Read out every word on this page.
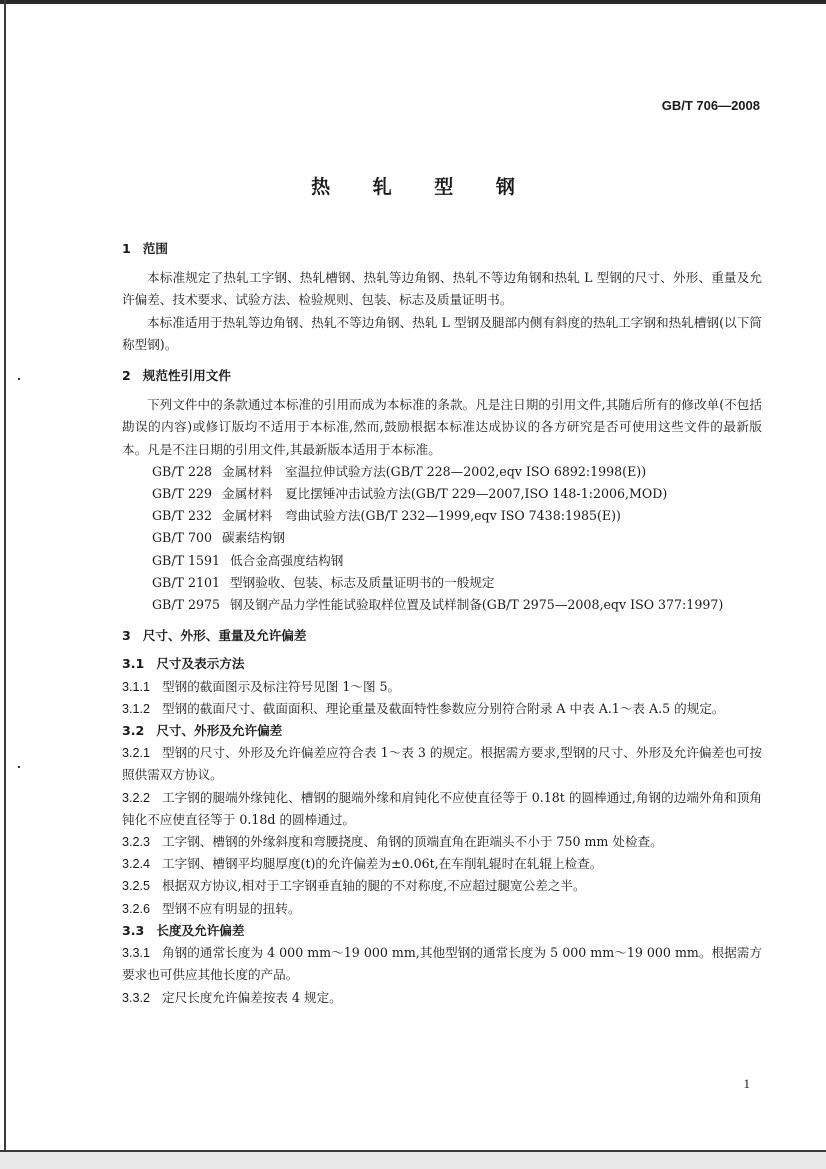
GB/T 706—2008
热 轧 型 钢

1 范围

本标准规定了热轧工字钢、热轧槽钢、热轧等边角钢、热轧不等边角钢和热轧 L 型钢的尺寸、外形、重量及允许偏差、技术要求、试验方法、检验规则、包装、标志及质量证明书。

本标准适用于热轧等边角钢、热轧不等边角钢、热轧 L 型钢及腿部内侧有斜度的热轧工字钢和热轧槽钢(以下简称型钢)。

2 规范性引用文件

下列文件中的条款通过本标准的引用而成为本标准的条款。凡是注日期的引用文件,其随后所有的修改单(不包括勘误的内容)或修订版均不适用于本标准,然而,鼓励根据本标准达成协议的各方研究是否可使用这些文件的最新版本。凡是不注日期的引用文件,其最新版本适用于本标准。

GB/T 228 金属材料　室温拉伸试验方法(GB/T 228—2002,eqv ISO 6892:1998(E))

GB/T 229 金属材料　夏比摆锤冲击试验方法(GB/T 229—2007,ISO 148-1:2006,MOD)

GB/T 232 金属材料　弯曲试验方法(GB/T 232—1999,eqv ISO 7438:1985(E))

GB/T 700 碳素结构钢

GB/T 1591 低合金高强度结构钢

GB/T 2101 型钢验收、包装、标志及质量证明书的一般规定

GB/T 2975 钢及钢产品力学性能试验取样位置及试样制备(GB/T 2975—2008,eqv ISO 377:1997)

3 尺寸、外形、重量及允许偏差

3.1 尺寸及表示方法

3.1.1 型钢的截面图示及标注符号见图 1～图 5。

3.1.2 型钢的截面尺寸、截面面积、理论重量及截面特性参数应分别符合附录 A 中表 A.1～表 A.5 的规定。

3.2 尺寸、外形及允许偏差

3.2.1 型钢的尺寸、外形及允许偏差应符合表 1～表 3 的规定。根据需方要求,型钢的尺寸、外形及允许偏差也可按照供需双方协议。

3.2.2 工字钢的腿端外缘钝化、槽钢的腿端外缘和肩钝化不应使直径等于 0.18t 的圆棒通过,角钢的边端外角和顶角钝化不应使直径等于 0.18d 的圆棒通过。

3.2.3 工字钢、槽钢的外缘斜度和弯腰挠度、角钢的顶端直角在距端头不小于 750 mm 处检查。

3.2.4 工字钢、槽钢平均腿厚度(t)的允许偏差为±0.06t,在车削轧辊时在轧辊上检查。

3.2.5 根据双方协议,相对于工字钢垂直轴的腿的不对称度,不应超过腿宽公差之半。

3.2.6 型钢不应有明显的扭转。

3.3 长度及允许偏差

3.3.1 角钢的通常长度为 4 000 mm～19 000 mm,其他型钢的通常长度为 5 000 mm～19 000 mm。根据需方要求也可供应其他长度的产品。

3.3.2 定尺长度允许偏差按表 4 规定。

1
